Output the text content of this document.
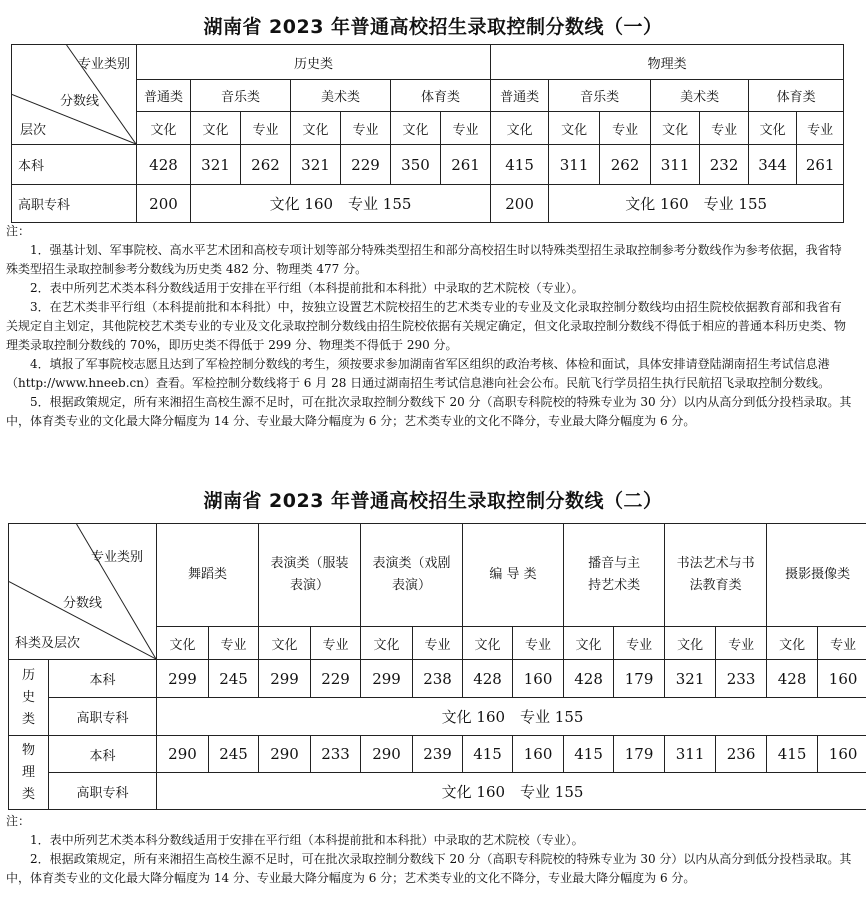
湖南省 2023 年普通高校招生录取控制分数线（一）
专业类别
分数线
层次	历史类							物理类						
	普通类	音乐类		美术类		体育类		普通类	音乐类		美术类		体育类	
	文化	文化	专业	文化	专业	文化	专业	文化	文化	专业	文化	专业	文化	专业
本科	428	321	262	321	229	350	261	415	311	262	311	232	344	261
高职专科	200	文化 160　专业 155						200	文化 160　专业 155					

注：

1．强基计划、军事院校、高水平艺术团和高校专项计划等部分特殊类型招生和部分高校招生时以特殊类型招生录取控制参考分数线作为参考依据，我省特殊类型招生录取控制参考分数线为历史类 482 分、物理类 477 分。

2．表中所列艺术类本科分数线适用于安排在平行组（本科提前批和本科批）中录取的艺术院校（专业）。

3．在艺术类非平行组（本科提前批和本科批）中，按独立设置艺术院校招生的艺术类专业的专业及文化录取控制分数线均由招生院校依据教育部和我省有关规定自主划定，其他院校艺术类专业的专业及文化录取控制分数线由招生院校依据有关规定确定，但文化录取控制分数线不得低于相应的普通本科历史类、物理类录取控制分数线的 70%，即历史类不得低于 299 分、物理类不得低于 290 分。

4．填报了军事院校志愿且达到了军检控制分数线的考生，须按要求参加湖南省军区组织的政治考核、体检和面试，具体安排请登陆湖南招生考试信息港（http://www.hneeb.cn）查看。军检控制分数线将于 6 月 28 日通过湖南招生考试信息港向社会公布。民航飞行学员招生执行民航招飞录取控制分数线。

5．根据政策规定，所有来湘招生高校生源不足时，可在批次录取控制分数线下 20 分（高职专科院校的特殊专业为 30 分）以内从高分到低分投档录取。其中，体育类专业的文化最大降分幅度为 14 分、专业最大降分幅度为 6 分；艺术类专业的文化不降分，专业最大降分幅度为 6 分。

湖南省 2023 年普通高校招生录取控制分数线（二）
专业类别
分数线
科类及层次		舞蹈类		表演类（服装
表演）		表演类（戏剧
表演）		编 导 类		播音与主
持艺术类		书法艺术与书
法教育类		摄影摄像类	
		文化	专业	文化	专业	文化	专业	文化	专业	文化	专业	文化	专业	文化	专业
历
史
类	本科	299	245	299	229	299	238	428	160	428	179	321	233	428	160
	高职专科	文化 160　专业 155													
物
理
类	本科	290	245	290	233	290	239	415	160	415	179	311	236	415	160
	高职专科	文化 160　专业 155													

注：

1．表中所列艺术类本科分数线适用于安排在平行组（本科提前批和本科批）中录取的艺术院校（专业）。

2．根据政策规定，所有来湘招生高校生源不足时，可在批次录取控制分数线下 20 分（高职专科院校的特殊专业为 30 分）以内从高分到低分投档录取。其中，体育类专业的文化最大降分幅度为 14 分、专业最大降分幅度为 6 分；艺术类专业的文化不降分，专业最大降分幅度为 6 分。
